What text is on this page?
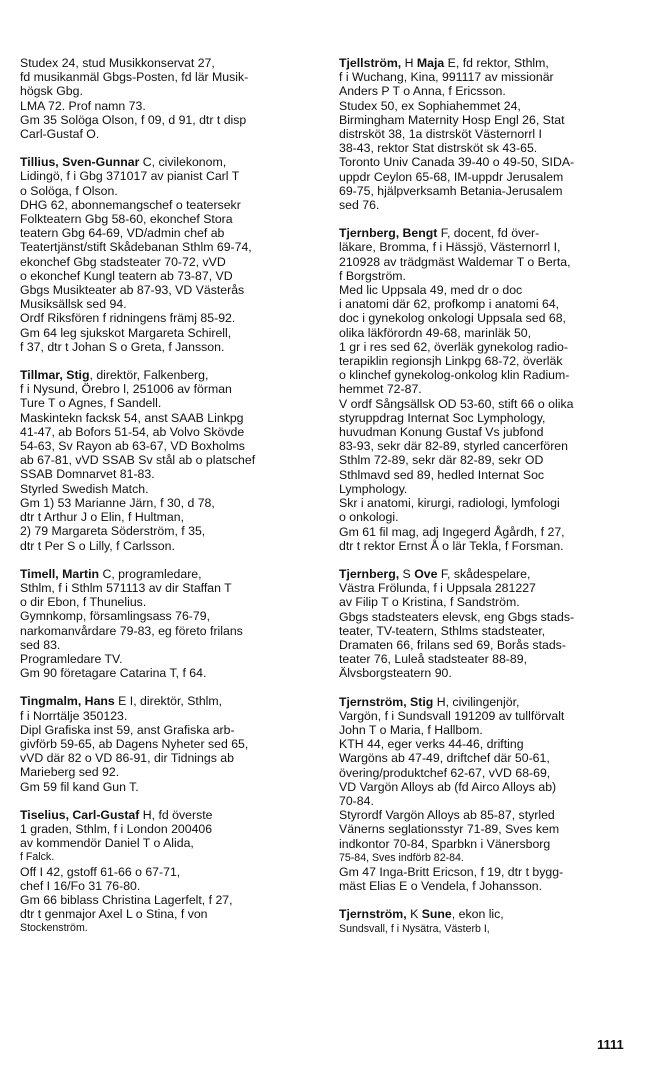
Studex 24, stud Musikkonservat 27,
fd musikanmäl Gbgs-Posten, fd lär Musik-
högsk Gbg.
LMA 72. Prof namn 73.
Gm 35 Solöga Olson, f 09, d 91, dtr t disp
Carl-Gustaf O.
Tillius, Sven-Gunnar C, civilekonom,
Lidingö, f i Gbg 371017 av pianist Carl T
o Solöga, f Olson.
DHG 62, abonnemangschef o teatersekr
Folkteatern Gbg 58-60, ekonchef Stora
teatern Gbg 64-69, VD/admin chef ab
Teatertjänst/stift Skådebanan Sthlm 69-74,
ekonchef Gbg stadsteater 70-72, vVD
o ekonchef Kungl teatern ab 73-87, VD
Gbgs Musikteater ab 87-93, VD Västerås
Musiksällsk sed 94.
Ordf Riksfören f ridningens främj 85-92.
Gm 64 leg sjukskot Margareta Schirell,
f 37, dtr t Johan S o Greta, f Jansson.
Tillmar, Stig, direktör, Falkenberg,
f i Nysund, Örebro l, 251006 av förman
Ture T o Agnes, f Sandell.
Maskintekn facksk 54, anst SAAB Linkpg
41-47, ab Bofors 51-54, ab Volvo Skövde
54-63, Sv Rayon ab 63-67, VD Boxholms
ab 67-81, vVD SSAB Sv stål ab o platschef
SSAB Domnarvet 81-83.
Styrled Swedish Match.
Gm 1) 53 Marianne Järn, f 30, d 78,
dtr t Arthur J o Elin, f Hultman,
2) 79 Margareta Söderström, f 35,
dtr t Per S o Lilly, f Carlsson.
Timell, Martin C, programledare,
Sthlm, f i Sthlm 571113 av dir Staffan T
o dir Ebon, f Thunelius.
Gymnkomp, församlingsass 76-79,
narkomanvårdare 79-83, eg företo frilans
sed 83.
Programledare TV.
Gm 90 företagare Catarina T, f 64.
Tingmalm, Hans E I, direktör, Sthlm,
f i Norrtälje 350123.
Dipl Grafiska inst 59, anst Grafiska arb-
givförb 59-65, ab Dagens Nyheter sed 65,
vVD där 82 o VD 86-91, dir Tidnings ab
Marieberg sed 92.
Gm 59 fil kand Gun T.
Tiselius, Carl-Gustaf H, fd överste
1 graden, Sthlm, f i London 200406
av kommendör Daniel T o Alida,
f Falck.
Off I 42, gstoff 61-66 o 67-71,
chef I 16/Fo 31 76-80.
Gm 66 biblass Christina Lagerfelt, f 27,
dtr t genmajor Axel L o Stina, f von
Stockenström.
Tjellström, H Maja E, fd rektor, Sthlm,
f i Wuchang, Kina, 991117 av missionär
Anders P T o Anna, f Ericsson.
Studex 50, ex Sophiahemmet 24,
Birmingham Maternity Hosp Engl 26, Stat
distrsköt 38, 1a distrsköt Västernorrl I
38-43, rektor Stat distrsköt sk 43-65.
Toronto Univ Canada 39-40 o 49-50, SIDA-
uppdr Ceylon 65-68, IM-uppdr Jerusalem
69-75, hjälpverksamh Betania-Jerusalem
sed 76.
Tjernberg, Bengt F, docent, fd över-
läkare, Bromma, f i Hässjö, Västernorrl I,
210928 av trädgmäst Waldemar T o Berta,
f Borgström.
Med lic Uppsala 49, med dr o doc
i anatomi där 62, profkomp i anatomi 64,
doc i gynekolog onkologi Uppsala sed 68,
olika läkförordn 49-68, marinläk 50,
1 gr i res sed 62, överläk gynekolog radio-
terapiklin regionsjh Linkpg 68-72, överläk
o klinchef gynekolog-onkolog klin Radium-
hemmet 72-87.
V ordf Sångsällsk OD 53-60, stift 66 o olika
styruppdrag Internat Soc Lymphology,
huvudman Konung Gustaf Vs jubfond
83-93, sekr där 82-89, styrled cancerfören
Sthlm 72-89, sekr där 82-89, sekr OD
Sthlmavd sed 89, hedled Internat Soc
Lymphology.
Skr i anatomi, kirurgi, radiologi, lymfologi
o onkologi.
Gm 61 fil mag, adj Ingegerd Ågårdh, f 27,
dtr t rektor Ernst Å o lär Tekla, f Forsman.
Tjernberg, S Ove F, skådespelare,
Västra Frölunda, f i Uppsala 281227
av Filip T o Kristina, f Sandström.
Gbgs stadsteaters elevsk, eng Gbgs stads-
teater, TV-teatern, Sthlms stadsteater,
Dramaten 66, frilans sed 69, Borås stads-
teater 76, Luleå stadsteater 88-89,
Älvsborgsteatern 90.
Tjernström, Stig H, civilingenjör,
Vargön, f i Sundsvall 191209 av tullförvalt
John T o Maria, f Hallbom.
KTH 44, eger verks 44-46, drifting
Wargöns ab 47-49, driftchef där 50-61,
övering/produktchef 62-67, vVD 68-69,
VD Vargön Alloys ab (fd Airco Alloys ab)
70-84.
Styrordf Vargön Alloys ab 85-87, styrled
Vänerns seglationsstyr 71-89, Sves kem
indkontor 70-84, Sparbkn i Vänersborg
75-84, Sves indförb 82-84.
Gm 47 Inga-Britt Ericson, f 19, dtr t bygg-
mäst Elias E o Vendela, f Johansson.
Tjernström, K Sune, ekon lic,
Sundsvall, f i Nysätra, Västerb I,
1111
